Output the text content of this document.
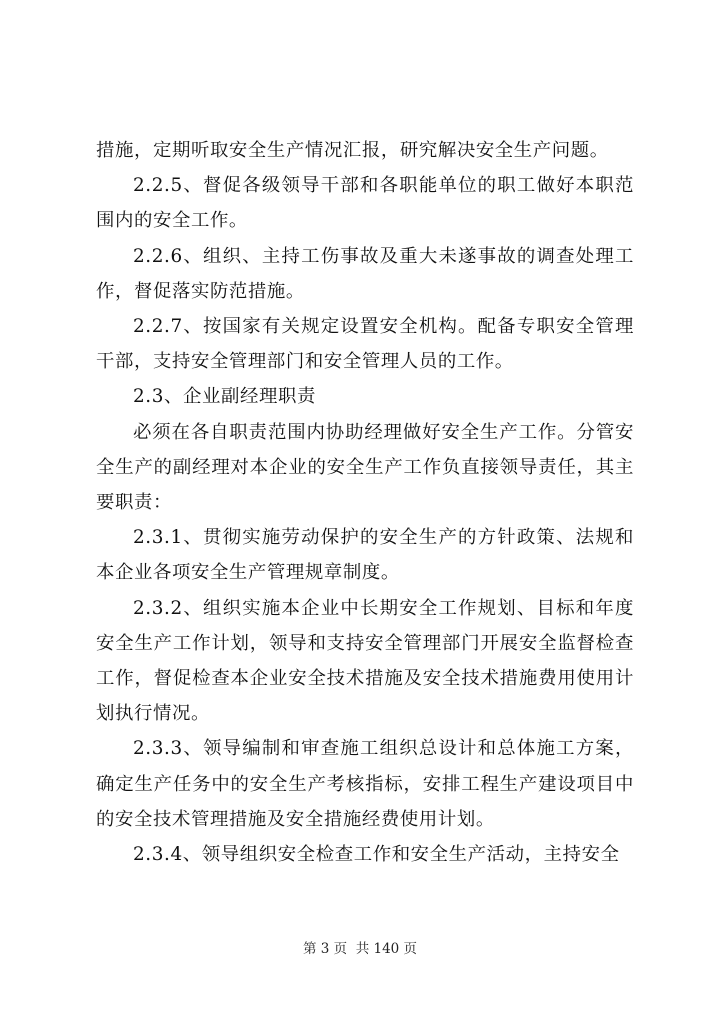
措施，定期听取安全生产情况汇报，研究解决安全生产问题。

2.2.5、督促各级领导干部和各职能单位的职工做好本职范围内的安全工作。

2.2.6、组织、主持工伤事故及重大未遂事故的调查处理工作，督促落实防范措施。

2.2.7、按国家有关规定设置安全机构。配备专职安全管理干部，支持安全管理部门和安全管理人员的工作。

2.3、企业副经理职责

必须在各自职责范围内协助经理做好安全生产工作。分管安全生产的副经理对本企业的安全生产工作负直接领导责任，其主要职责：

2.3.1、贯彻实施劳动保护的安全生产的方针政策、法规和本企业各项安全生产管理规章制度。

2.3.2、组织实施本企业中长期安全工作规划、目标和年度安全生产工作计划，领导和支持安全管理部门开展安全监督检查工作，督促检查本企业安全技术措施及安全技术措施费用使用计划执行情况。

2.3.3、领导编制和审查施工组织总设计和总体施工方案，确定生产任务中的安全生产考核指标，安排工程生产建设项目中的安全技术管理措施及安全措施经费使用计划。

2.3.4、领导组织安全检查工作和安全生产活动，主持安全

第 3 页  共 140 页
